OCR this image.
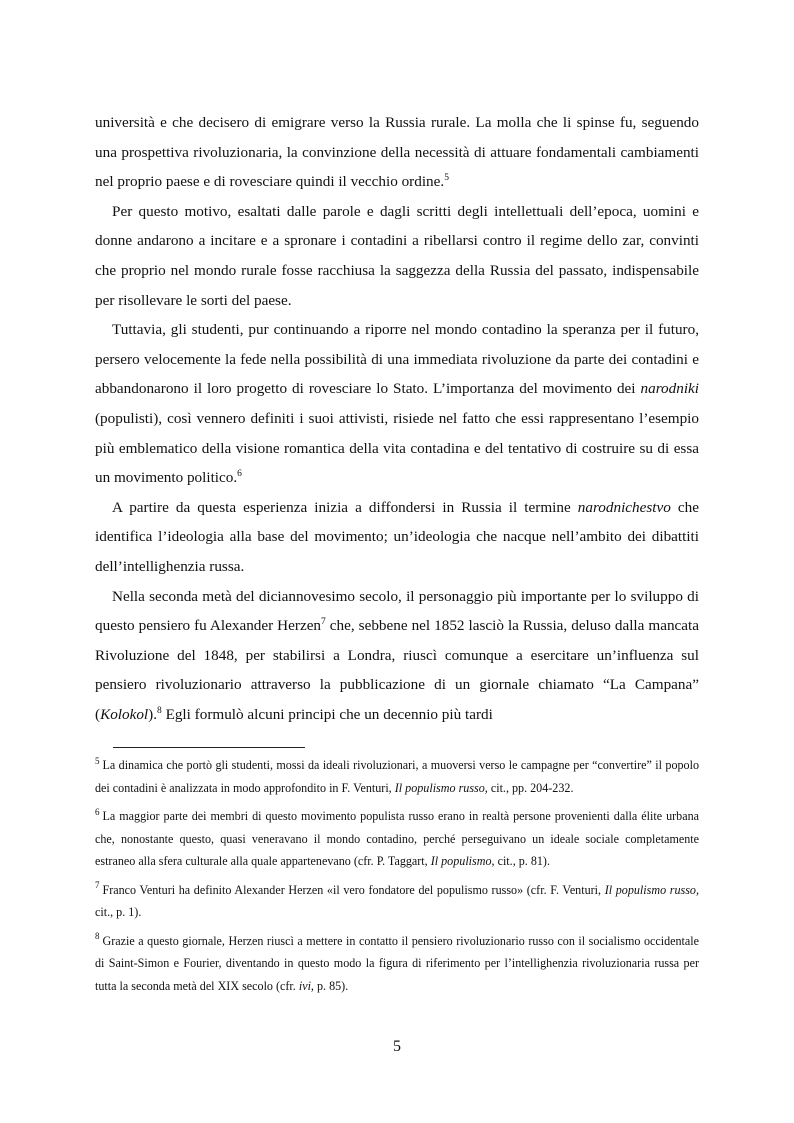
università e che decisero di emigrare verso la Russia rurale. La molla che li spinse fu, seguendo una prospettiva rivoluzionaria, la convinzione della necessità di attuare fondamentali cambiamenti nel proprio paese e di rovesciare quindi il vecchio ordine.$^5$

Per questo motivo, esaltati dalle parole e dagli scritti degli intellettuali dell’epoca, uomini e donne andarono a incitare e a spronare i contadini a ribellarsi contro il regime dello zar, convinti che proprio nel mondo rurale fosse racchiusa la saggezza della Russia del passato, indispensabile per risollevare le sorti del paese.

Tuttavia, gli studenti, pur continuando a riporre nel mondo contadino la speranza per il futuro, persero velocemente la fede nella possibilità di una immediata rivoluzione da parte dei contadini e abbandonarono il loro progetto di rovesciare lo Stato. L’importanza del movimento dei narodniki (populisti), così vennero definiti i suoi attivisti, risiede nel fatto che essi rappresentano l’esempio più emblematico della visione romantica della vita contadina e del tentativo di costruire su di essa un movimento politico.$^6$

A partire da questa esperienza inizia a diffondersi in Russia il termine narodnichestvo che identifica l’ideologia alla base del movimento; un’ideologia che nacque nell’ambito dei dibattiti dell’intellighenzia russa.

Nella seconda metà del diciannovesimo secolo, il personaggio più importante per lo sviluppo di questo pensiero fu Alexander Herzen$^7$ che, sebbene nel 1852 lasciò la Russia, deluso dalla mancata Rivoluzione del 1848, per stabilirsi a Londra, riuscì comunque a esercitare un’influenza sul pensiero rivoluzionario attraverso la pubblicazione di un giornale chiamato “La Campana” (Kolokol).$^8$ Egli formulò alcuni principi che un decennio più tardi

$^5$ La dinamica che portò gli studenti, mossi da ideali rivoluzionari, a muoversi verso le campagne per “convertire” il popolo dei contadini è analizzata in modo approfondito in F. Venturi, Il populismo russo, cit., pp. 204-232.

$^6$ La maggior parte dei membri di questo movimento populista russo erano in realtà persone provenienti dalla élite urbana che, nonostante questo, quasi veneravano il mondo contadino, perché perseguivano un ideale sociale completamente estraneo alla sfera culturale alla quale appartenevano (cfr. P. Taggart, Il populismo, cit., p. 81).

$^7$ Franco Venturi ha definito Alexander Herzen «il vero fondatore del populismo russo» (cfr. F. Venturi, Il populismo russo, cit., p. 1).

$^8$ Grazie a questo giornale, Herzen riuscì a mettere in contatto il pensiero rivoluzionario russo con il socialismo occidentale di Saint-Simon e Fourier, diventando in questo modo la figura di riferimento per l’intellighenzia rivoluzionaria russa per tutta la seconda metà del XIX secolo (cfr. ivi, p. 85).

5
